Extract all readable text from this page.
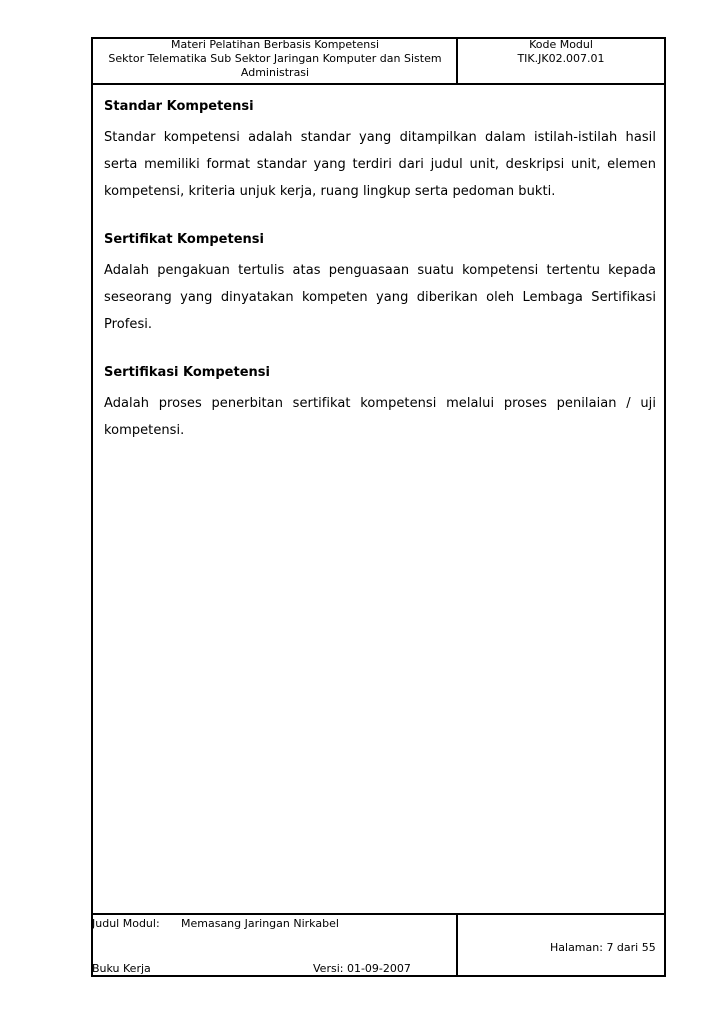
Materi Pelatihan Berbasis Kompetensi
Sektor Telematika Sub Sektor Jaringan Komputer dan Sistem
Administrasi
Kode Modul
TIK.JK02.007.01
Standar Kompetensi

Standar kompetensi adalah standar yang ditampilkan dalam istilah-istilah hasil serta memiliki format standar yang terdiri dari judul unit, deskripsi unit, elemen kompetensi, kriteria unjuk kerja, ruang lingkup serta pedoman bukti.

Sertifikat Kompetensi

Adalah pengakuan tertulis atas penguasaan suatu kompetensi tertentu kepada seseorang yang dinyatakan kompeten yang diberikan oleh Lembaga Sertifikasi Profesi.

Sertifikasi Kompetensi

Adalah proses penerbitan sertifikat kompetensi melalui proses penilaian / uji kompetensi.

Judul Modul: Memasang Jaringan Nirkabel
Halaman: 7 dari 55
Buku Kerja	Versi: 01-09-2007
